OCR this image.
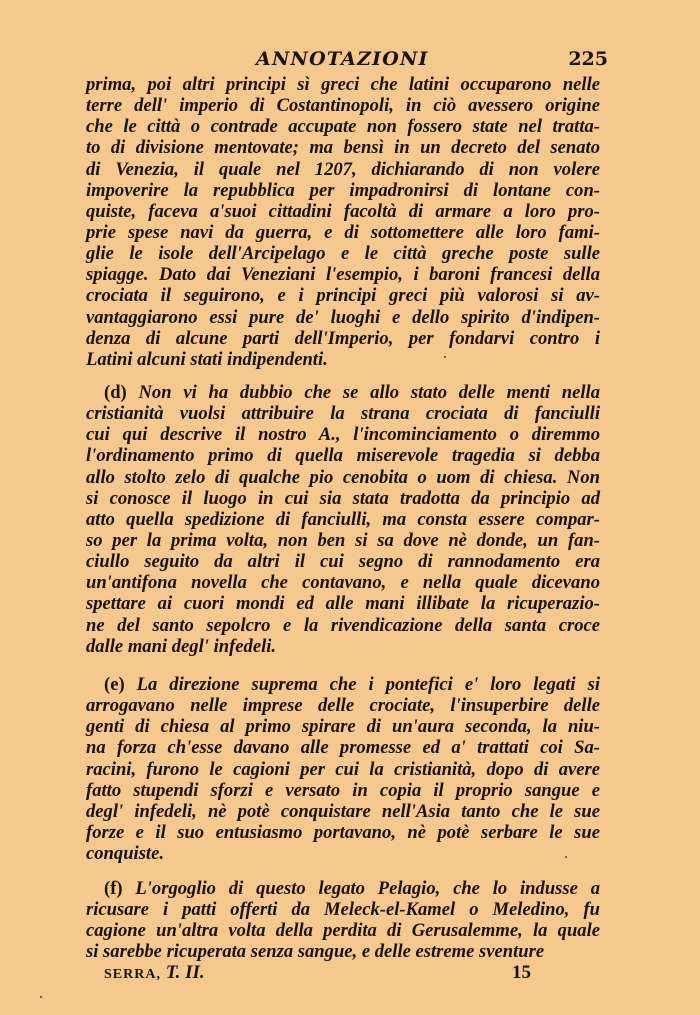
ANNOTAZIONI	225
prima, poi altri principi sì greci che latini occuparono nelle
terre dell' imperio di Costantinopoli, in ciò avessero origine
che le città o contrade accupate non fossero state nel tratta-
to di divisione mentovate; ma bensì in un decreto del senato
di Venezia, il quale nel 1207, dichiarando di non volere
impoverire la repubblica per impadronirsi di lontane con-
quiste, faceva a'suoi cittadini facoltà di armare a loro pro-
prie spese navi da guerra, e di sottomettere alle loro fami-
glie le isole dell'Arcipelago e le città greche poste sulle
spiagge. Dato dai Veneziani l'esempio, i baroni francesi della
crociata il seguirono, e i principi greci più valorosi si av-
vantaggiarono essi pure de' luoghi e dello spirito d'indipen-
denza di alcune parti dell'Imperio, per fondarvi contro i
Latini alcuni stati indipendenti.
(d) Non vi ha dubbio che se allo stato delle menti nella
cristianità vuolsi attribuire la strana crociata di fanciulli
cui qui descrive il nostro A., l'incominciamento o diremmo
l'ordinamento primo di quella miserevole tragedia si debba
allo stolto zelo di qualche pio cenobita o uom di chiesa. Non
si conosce il luogo in cui sia stata tradotta da principio ad
atto quella spedizione di fanciulli, ma consta essere compar-
so per la prima volta, non ben si sa dove nè donde, un fan-
ciullo seguito da altri il cui segno di rannodamento era
un'antifona novella che contavano, e nella quale dicevano
spettare ai cuori mondi ed alle mani illibate la ricuperazio-
ne del santo sepolcro e la rivendicazione della santa croce
dalle mani degl' infedeli.
(e) La direzione suprema che i pontefici e' loro legati si
arrogavano nelle imprese delle crociate, l'insuperbire delle
genti di chiesa al primo spirare di un'aura seconda, la niu-
na forza ch'esse davano alle promesse ed a' trattati coi Sa-
racini, furono le cagioni per cui la cristianità, dopo di avere
fatto stupendi sforzi e versato in copia il proprio sangue e
degl' infedeli, nè potè conquistare nell'Asia tanto che le sue
forze e il suo entusiasmo portavano, nè potè serbare le sue
conquiste.
(f) L'orgoglio di questo legato Pelagio, che lo indusse a
ricusare i patti offerti da Meleck-el-Kamel o Meledino, fu
cagione un'altra volta della perdita di Gerusalemme, la quale
si sarebbe ricuperata senza sangue, e delle estreme sventure
SERRA, T. II.	15
